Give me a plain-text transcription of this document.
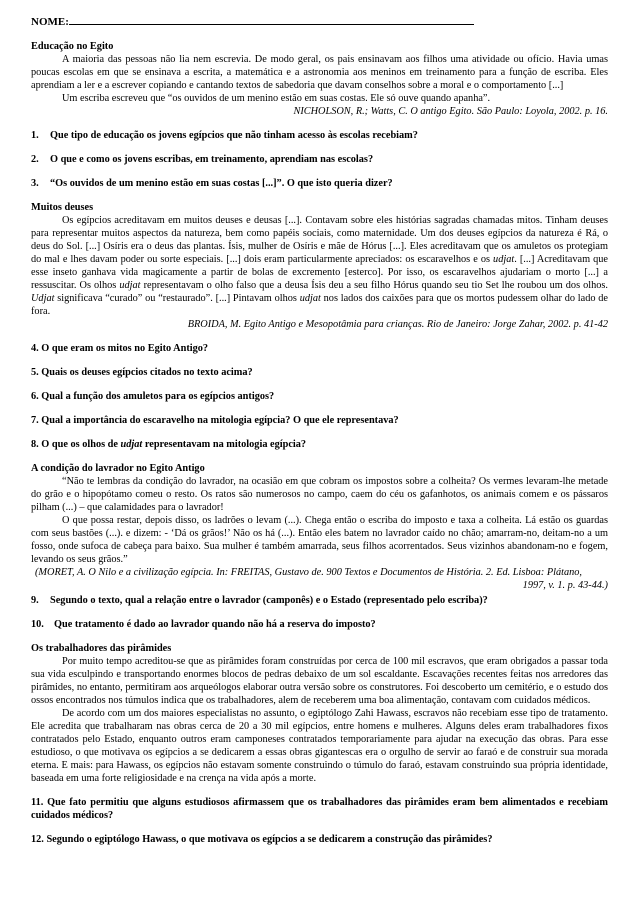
NOME:
Educação no Egito
A maioria das pessoas não lia nem escrevia. De modo geral, os pais ensinavam aos filhos uma atividade ou ofício. Havia umas poucas escolas em que se ensinava a escrita, a matemática e a astronomia aos meninos em treinamento para a função de escriba. Eles aprendiam a ler e a escrever copiando e cantando textos de sabedoria que davam conselhos sobre a moral e o comportamento [...]
Um escriba escreveu que “os ouvidos de um menino estão em suas costas. Ele só ouve quando apanha”.
NICHOLSON, R.; Watts, C. O antigo Egito. São Paulo: Loyola, 2002. p. 16.
1. Que tipo de educação os jovens egípcios que não tinham acesso às escolas recebiam?
2. O que e como os jovens escribas, em treinamento, aprendiam nas escolas?
3. “Os ouvidos de um menino estão em suas costas [...]”. O que isto queria dizer?
Muitos deuses
Os egípcios acreditavam em muitos deuses e deusas [...]. Contavam sobre eles histórias sagradas chamadas mitos. Tinham deuses para representar muitos aspectos da natureza, bem como papéis sociais, como maternidade. Um dos deuses egípcios da natureza é Rá, o deus do Sol. [...] Osíris era o deus das plantas. Ísis, mulher de Osíris e mãe de Hórus [...]. Eles acreditavam que os amuletos os protegiam do mal e lhes davam poder ou sorte especiais. [...] dois eram particularmente apreciados: os escaravelhos e os udjat. [...] Acreditavam que esse inseto ganhava vida magicamente a partir de bolas de excremento [esterco]. Por isso, os escaravelhos ajudariam o morto [...] a ressuscitar. Os olhos udjat representavam o olho falso que a deusa Ísis deu a seu filho Hórus quando seu tio Set lhe roubou um dos olhos. Udjat significava “curado” ou “restaurado”. [...] Pintavam olhos udjat nos lados dos caixões para que os mortos pudessem olhar do lado de fora.
BROIDA, M. Egito Antigo e Mesopotâmia para crianças. Rio de Janeiro: Jorge Zahar, 2002. p. 41-42
4. O que eram os mitos no Egito Antigo?
5. Quais os deuses egípcios citados no texto acima?
6. Qual a função dos amuletos para os egípcios antigos?
7. Qual a importância do escaravelho na mitologia egípcia? O que ele representava?
8. O que os olhos de udjat representavam na mitologia egípcia?
A condição do lavrador no Egito Antigo
“Não te lembras da condição do lavrador, na ocasião em que cobram os impostos sobre a colheita? Os vermes levaram-lhe metade do grão e o hipopótamo comeu o resto. Os ratos são numerosos no campo, caem do céu os gafanhotos, os animais comem e os pássaros pilham (...) – que calamidades para o lavrador!
O que possa restar, depois disso, os ladrões o levam (...). Chega então o escriba do imposto e taxa a colheita. Lá estão os guardas com seus bastões (...). e dizem: - ‘Dá os grãos!’ Não os há (...). Então eles batem no lavrador caído no chão; amarram-no, deitam-no a um fosso, onde sufoca de cabeça para baixo. Sua mulher é também amarrada, seus filhos acorrentados. Seus vizinhos abandonam-no e fogem, levando os seus grãos.”
(MORET, A. O Nilo e a civilização egípcia. In: FREITAS, Gustavo de. 900 Textos e Documentos de História. 2. Ed. Lisboa: Plátano,
1997, v. 1. p. 43-44.)
9. Segundo o texto, qual a relação entre o lavrador (camponês) e o Estado (representado pelo escriba)?
10. Que tratamento é dado ao lavrador quando não há a reserva do imposto?
Os trabalhadores das pirâmides
Por muito tempo acreditou-se que as pirâmides foram construídas por cerca de 100 mil escravos, que eram obrigados a passar toda sua vida esculpindo e transportando enormes blocos de pedras debaixo de um sol escaldante. Escavações recentes feitas nos arredores das pirâmides, no entanto, permitiram aos arqueólogos elaborar outra versão sobre os construtores. Foi descoberto um cemitério, e o estudo dos ossos encontrados nos túmulos indica que os trabalhadores, alem de receberem uma boa alimentação, contavam com cuidados médicos.
De acordo com um dos maiores especialistas no assunto, o egiptólogo Zahi Hawass, escravos não recebiam esse tipo de tratamento. Ele acredita que trabalharam nas obras cerca de 20 a 30 mil egípcios, entre homens e mulheres. Alguns deles eram trabalhadores fixos contratados pelo Estado, enquanto outros eram camponeses contratados temporariamente para ajudar na execução das obras. Para esse estudioso, o que motivava os egípcios a se dedicarem a essas obras gigantescas era o orgulho de servir ao faraó e de construir sua morada eterna. E mais: para Hawass, os egípcios não estavam somente construindo o túmulo do faraó, estavam construindo sua própria identidade, baseada em uma forte religiosidade e na crença na vida após a morte.
11. Que fato permitiu que alguns estudiosos afirmassem que os trabalhadores das pirâmides eram bem alimentados e recebiam cuidados médicos?
12. Segundo o egiptólogo Hawass, o que motivava os egípcios a se dedicarem a construção das pirâmides?
